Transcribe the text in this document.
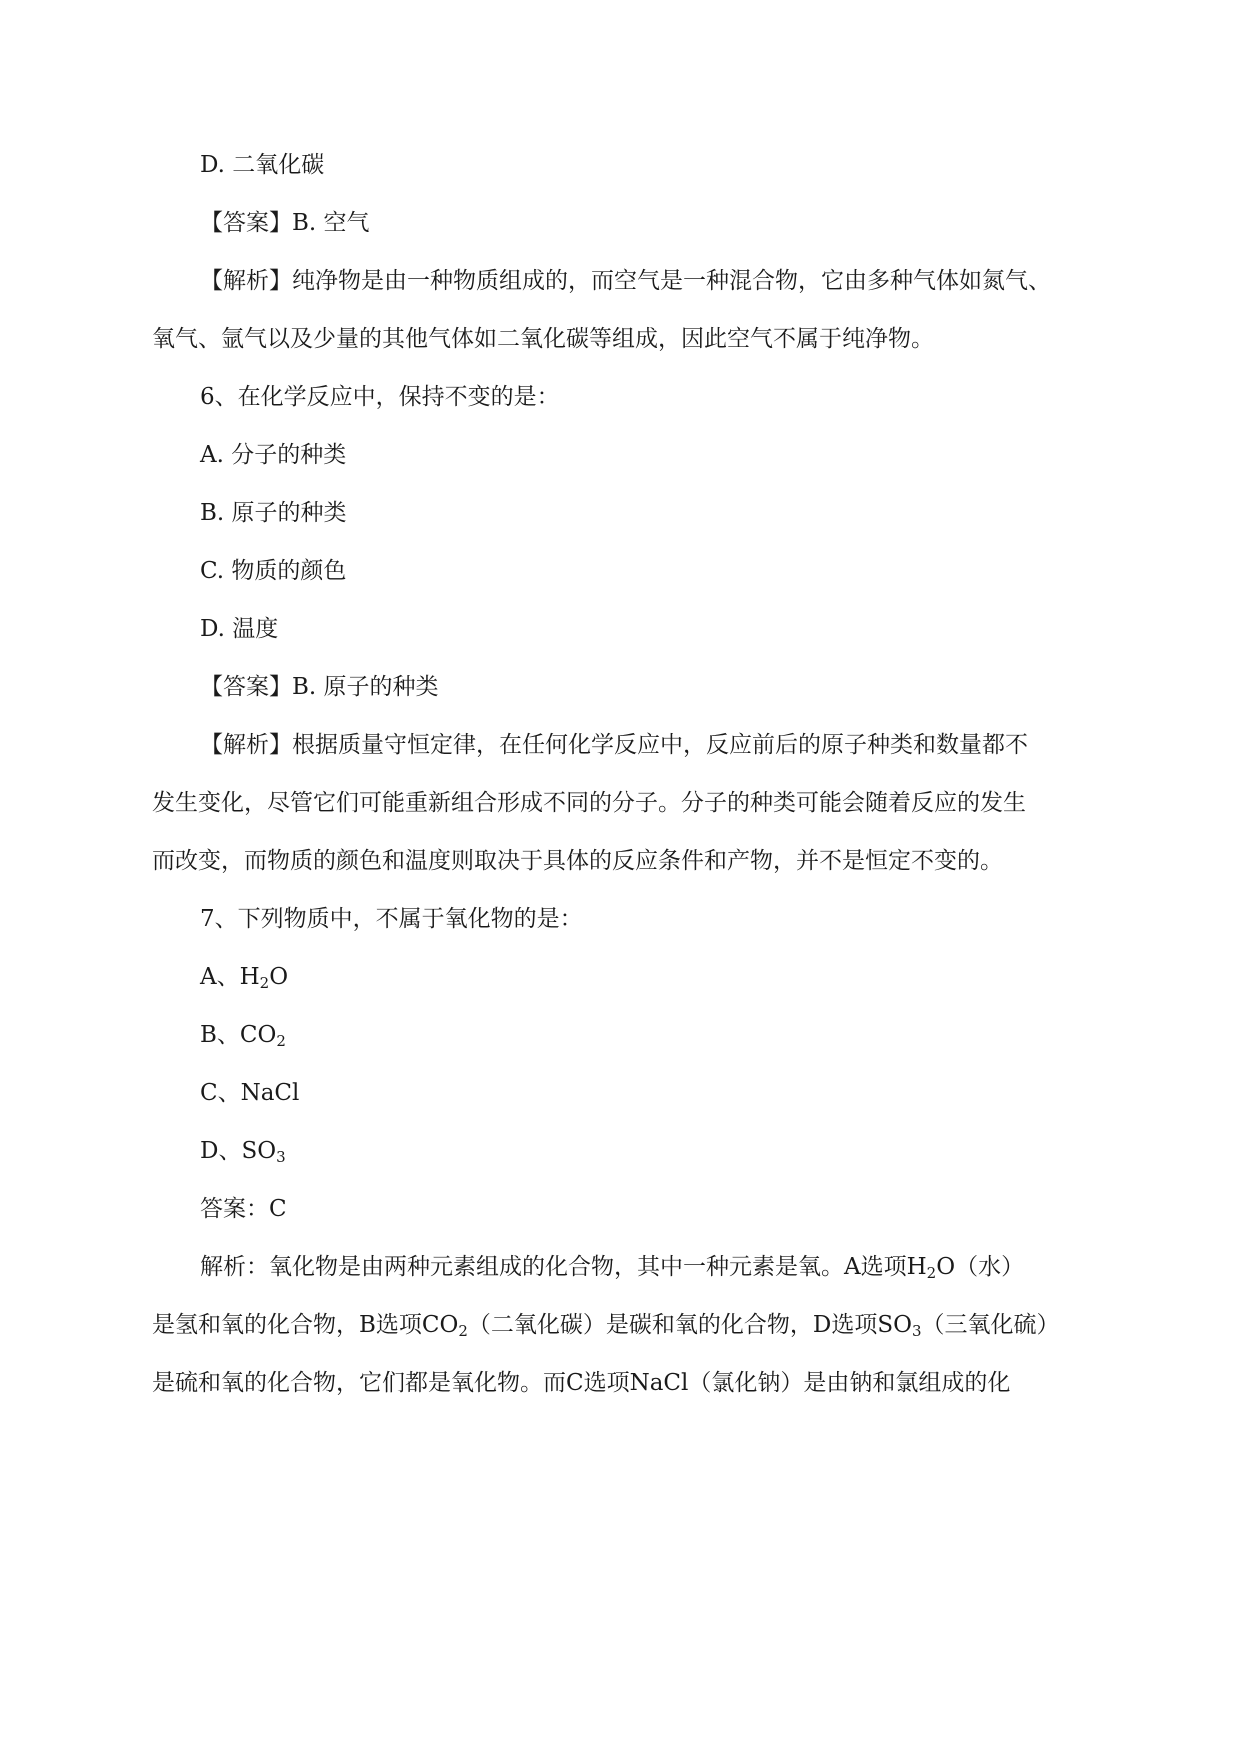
D. 二氧化碳
【答案】B. 空气
【解析】纯净物是由一种物质组成的，而空气是一种混合物，它由多种气体如氮气、
氧气、氩气以及少量的其他气体如二氧化碳等组成，因此空气不属于纯净物。
6、在化学反应中，保持不变的是：
A. 分子的种类
B. 原子的种类
C. 物质的颜色
D. 温度
【答案】B. 原子的种类
【解析】根据质量守恒定律，在任何化学反应中，反应前后的原子种类和数量都不
发生变化，尽管它们可能重新组合形成不同的分子。分子的种类可能会随着反应的发生
而改变，而物质的颜色和温度则取决于具体的反应条件和产物，并不是恒定不变的。
7、下列物质中，不属于氧化物的是：
A、$H_2O$
B、$CO_2$
C、NaCl
D、$SO_3$
答案：C
解析：氧化物是由两种元素组成的化合物，其中一种元素是氧。A选项$H_2O$（水）
是氢和氧的化合物，B选项$CO_2$（二氧化碳）是碳和氧的化合物，D选项$SO_3$（三氧化硫）
是硫和氧的化合物，它们都是氧化物。而C选项NaCl（氯化钠）是由钠和氯组成的化
